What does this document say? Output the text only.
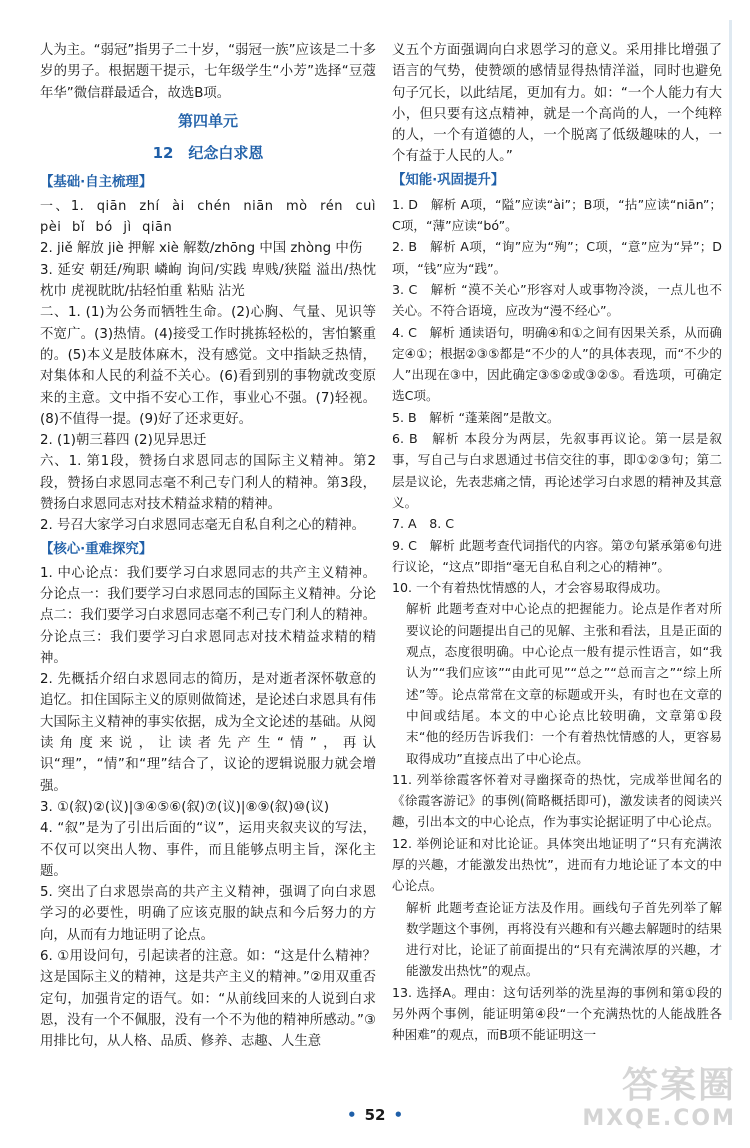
人为主。“弱冠”指男子二十岁，“弱冠一族”应该是二十多岁的男子。根据题干提示，七年级学生“小芳”选择“豆蔻年华”微信群最适合，故选B项。

第四单元
12　纪念白求恩
【基础·自主梳理】

一、1. qiān zhí ài chén niān mò rén cuì pèi bǐ bó jì qiān

2. jiě 解放 jiè 押解 xiè 解数/zhōng 中国 zhòng 中伤

3. 延安 朝廷/殉职 嶙峋 询问/实践 卑贱/狭隘 溢出/热忱 枕巾 虎视眈眈/拈轻怕重 粘贴 沾光

二、1. (1)为公务而牺牲生命。(2)心胸、气量、见识等不宽广。(3)热情。(4)接受工作时挑拣轻松的，害怕繁重的。(5)本义是肢体麻木，没有感觉。文中指缺乏热情，对集体和人民的利益不关心。(6)看到别的事物就改变原来的主意。文中指不安心工作，事业心不强。(7)轻视。(8)不值得一提。(9)好了还求更好。

2. (1)朝三暮四 (2)见异思迁

六、1. 第1段，赞扬白求恩同志的国际主义精神。第2段，赞扬白求恩同志毫不利己专门利人的精神。第3段，赞扬白求恩同志对技术精益求精的精神。

2. 号召大家学习白求恩同志毫无自私自利之心的精神。

【核心·重难探究】

1. 中心论点：我们要学习白求恩同志的共产主义精神。分论点一：我们要学习白求恩同志的国际主义精神。分论点二：我们要学习白求恩同志毫不利己专门利人的精神。分论点三：我们要学习白求恩同志对技术精益求精的精神。

2. 先概括介绍白求恩同志的简历，是对逝者深怀敬意的追忆。扣住国际主义的原则做简述，是论述白求恩具有伟大国际主义精神的事实依据，成为全文论述的基础。从阅读角度来说，让读者先产生“情”，再认识“理”，“情”和“理”结合了，议论的逻辑说服力就会增强。

3. ①(叙)②(议)|③④⑤⑥(叙)⑦(议)|⑧⑨(叙)⑩(议)

4. “叙”是为了引出后面的“议”，运用夹叙夹议的写法，不仅可以突出人物、事件，而且能够点明主旨，深化主题。

5. 突出了白求恩崇高的共产主义精神，强调了向白求恩学习的必要性，明确了应该克服的缺点和今后努力的方向，从而有力地证明了论点。

6. ①用设问句，引起读者的注意。如：“这是什么精神？这是国际主义的精神，这是共产主义的精神。”②用双重否定句，加强肯定的语气。如：“从前线回来的人说到白求恩，没有一个不佩服，没有一个不为他的精神所感动。”③用排比句，从人格、品质、修养、志趣、人生意

义五个方面强调向白求恩学习的意义。采用排比增强了语言的气势，使赞颂的感情显得热情洋溢，同时也避免句子冗长，以此结尾，更加有力。如：“一个人能力有大小，但只要有这点精神，就是一个高尚的人，一个纯粹的人，一个有道德的人，一个脱离了低级趣味的人，一个有益于人民的人。”

【知能·巩固提升】

1. D　解析 A项，“隘”应读“ài”；B项，“拈”应读“niān”；C项，“薄”应读“bó”。

2. B　解析 A项，“询”应为“殉”；C项，“意”应为“异”；D项，“钱”应为“践”。

3. C　解析 “漠不关心”形容对人或事物冷淡，一点儿也不关心。不符合语境，应改为“漫不经心”。

4. C　解析 通读语句，明确④和①之间有因果关系，从而确定④①；根据②③⑤都是“不少的人”的具体表现，而“不少的人”出现在③中，因此确定③⑤②或③②⑤。看选项，可确定选C项。

5. B　解析 “蓬莱阁”是散文。

6. B　解析 本段分为两层，先叙事再议论。第一层是叙事，写自己与白求恩通过书信交往的事，即①②③句；第二层是议论，先表悲痛之情，再论述学习白求恩的精神及其意义。

7. A　8. C

9. C　解析 此题考查代词指代的内容。第⑦句紧承第⑥句进行议论，“这点”即指“毫无自私自利之心的精神”。

10. 一个有着热忱情感的人，才会容易取得成功。

解析 此题考查对中心论点的把握能力。论点是作者对所要议论的问题提出自己的见解、主张和看法，且是正面的观点，态度很明确。中心论点一般有提示性语言，如“我认为”“我们应该”“由此可见”“总之”“总而言之”“综上所述”等。论点常常在文章的标题或开头，有时也在文章的中间或结尾。本文的中心论点比较明确，文章第①段末“他的经历告诉我们：一个有着热忱情感的人，更容易取得成功”直接点出了中心论点。

11. 列举徐霞客怀着对寻幽探奇的热忱，完成举世闻名的《徐霞客游记》的事例(简略概括即可)，激发读者的阅读兴趣，引出本文的中心论点，作为事实论据证明了中心论点。

12. 举例论证和对比论证。具体突出地证明了“只有充满浓厚的兴趣，才能激发出热忱”，进而有力地论证了本文的中心论点。

解析 此题考查论证方法及作用。画线句子首先列举了解数学题这个事例，再将没有兴趣和有兴趣去解题时的结果进行对比，论证了前面提出的“只有充满浓厚的兴趣，才能激发出热忱”的观点。

13. 选择A。理由：这句话列举的洗星海的事例和第①段的另外两个事例，能证明第④段“一个充满热忱的人能战胜各种困难”的观点，而B项不能证明这一

• 52 •
答案圈
MXQE.COM
